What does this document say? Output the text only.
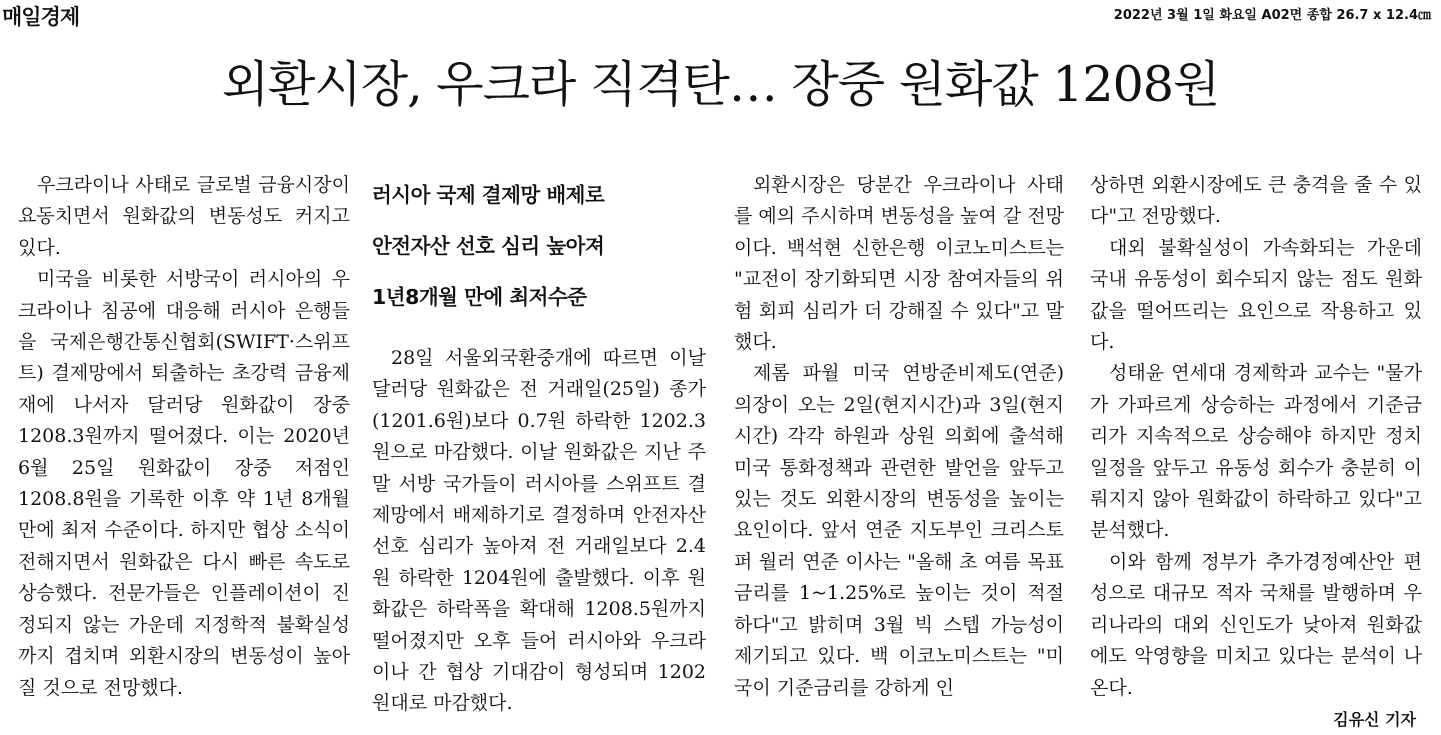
매일경제	2022년 3월 1일 화요일 A02면 종합 26.7 x 12.4㎝
외환시장, 우크라 직격탄… 장중 원화값 1208원

우크라이나 사태로 글로벌 금융시장이 요동치면서 원화값의 변동성도 커지고 있다.

미국을 비롯한 서방국이 러시아의 우크라이나 침공에 대응해 러시아 은행들을 국제은행간통신협회(SWIFT·스위프트) 결제망에서 퇴출하는 초강력 금융제재에 나서자 달러당 원화값이 장중 1208.3원까지 떨어졌다. 이는 2020년 6월 25일 원화값이 장중 저점인 1208.8원을 기록한 이후 약 1년 8개월 만에 최저 수준이다. 하지만 협상 소식이 전해지면서 원화값은 다시 빠른 속도로 상승했다. 전문가들은 인플레이션이 진정되지 않는 가운데 지정학적 불확실성까지 겹치며 외환시장의 변동성이 높아질 것으로 전망했다.

러시아 국제 결제망 배제로
안전자산 선호 심리 높아져
1년8개월 만에 최저수준

28일 서울외국환중개에 따르면 이날 달러당 원화값은 전 거래일(25일) 종가(1201.6원)보다 0.7원 하락한 1202.3원으로 마감했다. 이날 원화값은 지난 주말 서방 국가들이 러시아를 스위프트 결제망에서 배제하기로 결정하며 안전자산 선호 심리가 높아져 전 거래일보다 2.4원 하락한 1204원에 출발했다. 이후 원화값은 하락폭을 확대해 1208.5원까지 떨어졌지만 오후 들어 러시아와 우크라이나 간 협상 기대감이 형성되며 1202원대로 마감했다.

외환시장은 당분간 우크라이나 사태를 예의 주시하며 변동성을 높여 갈 전망이다. 백석현 신한은행 이코노미스트는 "교전이 장기화되면 시장 참여자들의 위험 회피 심리가 더 강해질 수 있다"고 말했다.

제롬 파월 미국 연방준비제도(연준) 의장이 오는 2일(현지시간)과 3일(현지시간) 각각 하원과 상원 의회에 출석해 미국 통화정책과 관련한 발언을 앞두고 있는 것도 외환시장의 변동성을 높이는 요인이다. 앞서 연준 지도부인 크리스토퍼 월러 연준 이사는 "올해 초 여름 목표 금리를 1~1.25%로 높이는 것이 적절하다"고 밝히며 3월 빅 스텝 가능성이 제기되고 있다. 백 이코노미스트는 "미국이 기준금리를 강하게 인

상하면 외환시장에도 큰 충격을 줄 수 있다"고 전망했다.

대외 불확실성이 가속화되는 가운데 국내 유동성이 회수되지 않는 점도 원화값을 떨어뜨리는 요인으로 작용하고 있다.

성태윤 연세대 경제학과 교수는 "물가가 가파르게 상승하는 과정에서 기준금리가 지속적으로 상승해야 하지만 정치 일정을 앞두고 유동성 회수가 충분히 이뤄지지 않아 원화값이 하락하고 있다"고 분석했다.

이와 함께 정부가 추가경정예산안 편성으로 대규모 적자 국채를 발행하며 우리나라의 대외 신인도가 낮아져 원화값에도 악영향을 미치고 있다는 분석이 나온다.

김유신 기자
